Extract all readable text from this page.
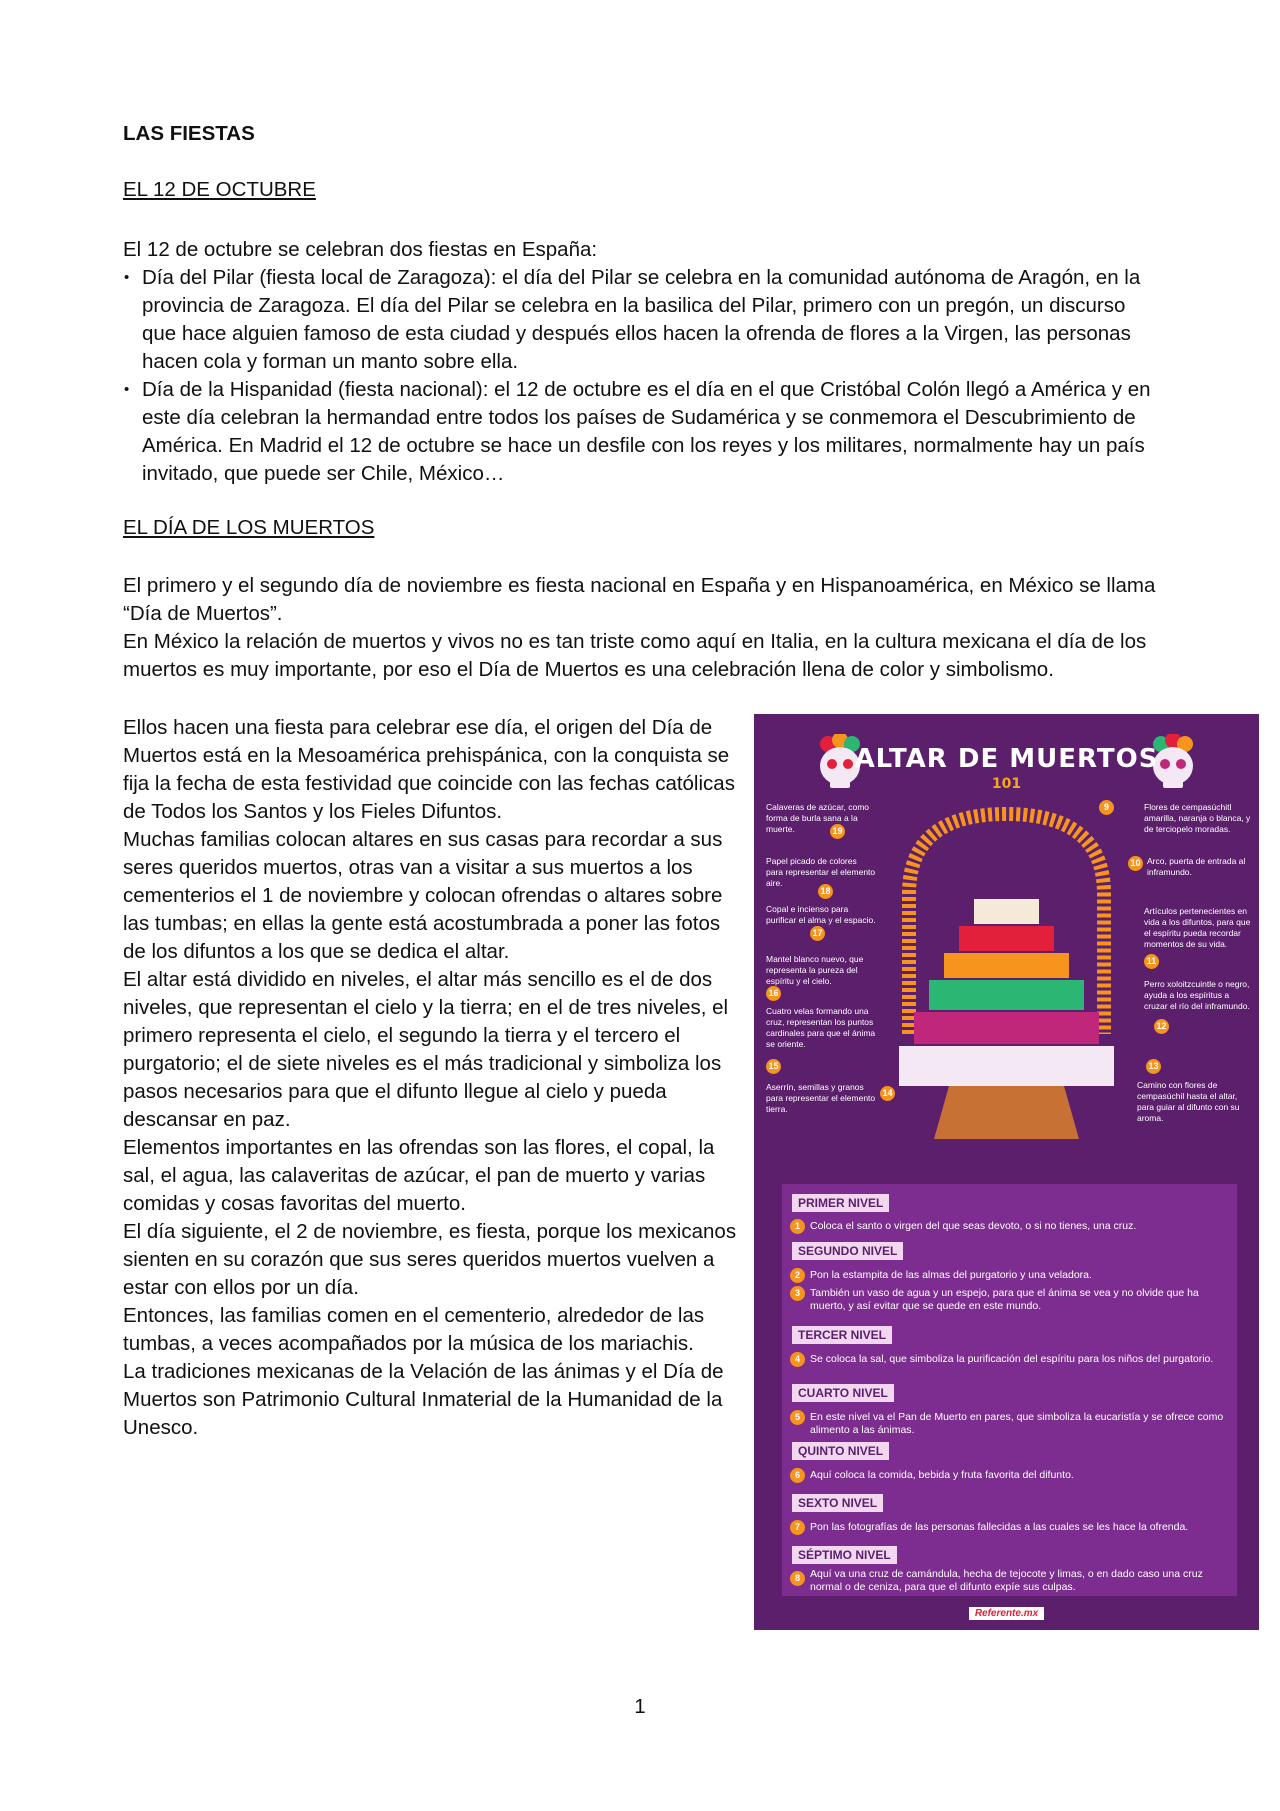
LAS FIESTAS
EL 12 DE OCTUBRE
El 12 de octubre se celebran dos fiestas en España:
• Día del Pilar (fiesta local de Zaragoza): el día del Pilar se celebra en la comunidad autónoma de Aragón, en la provincia de Zaragoza. El día del Pilar se celebra en la basilica del Pilar, primero con un pregón, un discurso que hace alguien famoso de esta ciudad y después ellos hacen la ofrenda de flores a la Virgen, las personas hacen cola y forman un manto sobre ella.
• Día de la Hispanidad (fiesta nacional): el 12 de octubre es el día en el que Cristóbal Colón llegó a América y en este día celebran la hermandad entre todos los países de Sudamérica y se conmemora el Descubrimiento de América. En Madrid el 12 de octubre se hace un desfile con los reyes y los militares, normalmente hay un país invitado, que puede ser Chile, México…
EL DÍA DE LOS MUERTOS
El primero y el segundo día de noviembre es fiesta nacional en España y en Hispanoamérica, en México se llama “Día de Muertos”.
En México la relación de muertos y vivos no es tan triste como aquí en Italia, en la cultura mexicana el día de los muertos es muy importante, por eso el Día de Muertos es una celebración llena de color y simbolismo.
Ellos hacen una fiesta para celebrar ese día, el origen del Día de Muertos está en la Mesoamérica prehispánica, con la conquista se fija la fecha de esta festividad que coincide con las fechas católicas de Todos los Santos y los Fieles Difuntos.
Muchas familias colocan altares en sus casas para recordar a sus seres queridos muertos, otras van a visitar a sus muertos a los cementerios el 1 de noviembre y colocan ofrendas o altares sobre las tumbas; en ellas la gente está acostumbrada a poner las fotos de los difuntos a los que se dedica el altar.
El altar está dividido en niveles, el altar más sencillo es el de dos niveles, que representan el cielo y la tierra; en el de tres niveles, el primero representa el cielo, el segundo la tierra y el tercero el purgatorio; el de siete niveles es el más tradicional y simboliza los pasos necesarios para que el difunto llegue al cielo y pueda descansar en paz.
Elementos importantes en las ofrendas son las flores, el copal, la sal, el agua, las calaveritas de azúcar, el pan de muerto y varias comidas y cosas favoritas del muerto.
El día siguiente, el 2 de noviembre, es fiesta, porque los mexicanos sienten en su corazón que sus seres queridos muertos vuelven a estar con ellos por un día.
Entonces, las familias comen en el cementerio, alrededor de las tumbas, a veces acompañados por la música de los mariachis.
La tradiciones mexicanas de la Velación de las ánimas y el Día de Muertos son Patrimonio Cultural Inmaterial de la Humanidad de la Unesco.
ALTAR DE MUERTOS
101
Calaveras de azúcar, como forma de burla sana a la muerte.	19
Papel picado de colores para representar el elemento aire.
18
Copal e incienso para purificar el alma y el espacio.
17
Mantel blanco nuevo, que representa la pureza del espíritu y el cielo.
16
Cuatro velas formando una cruz, representan los puntos cardinales para que el ánima se oriente.
15
Aserrín, semillas y granos para representar el elemento tierra.
14
9	Flores de cempasúchitl amarilla, naranja o blanca, y de terciopelo moradas.
10 Arco, puerta de entrada al inframundo.
Artículos pertenecientes en vida a los difuntos, para que el espíritu pueda recordar momentos de su vida.
11
Perro xoloitzcuintle o negro, ayuda a los espíritus a cruzar el río del inframundo.
12
13
Camino con flores de cempasúchil hasta el altar, para guiar al difunto con su aroma.
PRIMER NIVEL
1 Coloca el santo o virgen del que seas devoto, o si no tienes, una cruz.
SEGUNDO NIVEL
2 Pon la estampita de las almas del purgatorio y una veladora.
3 También un vaso de agua y un espejo, para que el ánima se vea y no olvide que ha muerto, y así evitar que se quede en este mundo.
TERCER NIVEL
4 Se coloca la sal, que simboliza la purificación del espíritu para los niños del purgatorio.
CUARTO NIVEL
5 En este nivel va el Pan de Muerto en pares, que simboliza la eucaristía y se ofrece como alimento a las ánimas.
QUINTO NIVEL
6 Aquí coloca la comida, bebida y fruta favorita del difunto.
SEXTO NIVEL
7 Pon las fotografías de las personas fallecidas a las cuales se les hace la ofrenda.
SÉPTIMO NIVEL
8 Aquí va una cruz de camándula, hecha de tejocote y limas, o en dado caso una cruz normal o de ceniza, para que el difunto expíe sus culpas.
Referente.mx
1
